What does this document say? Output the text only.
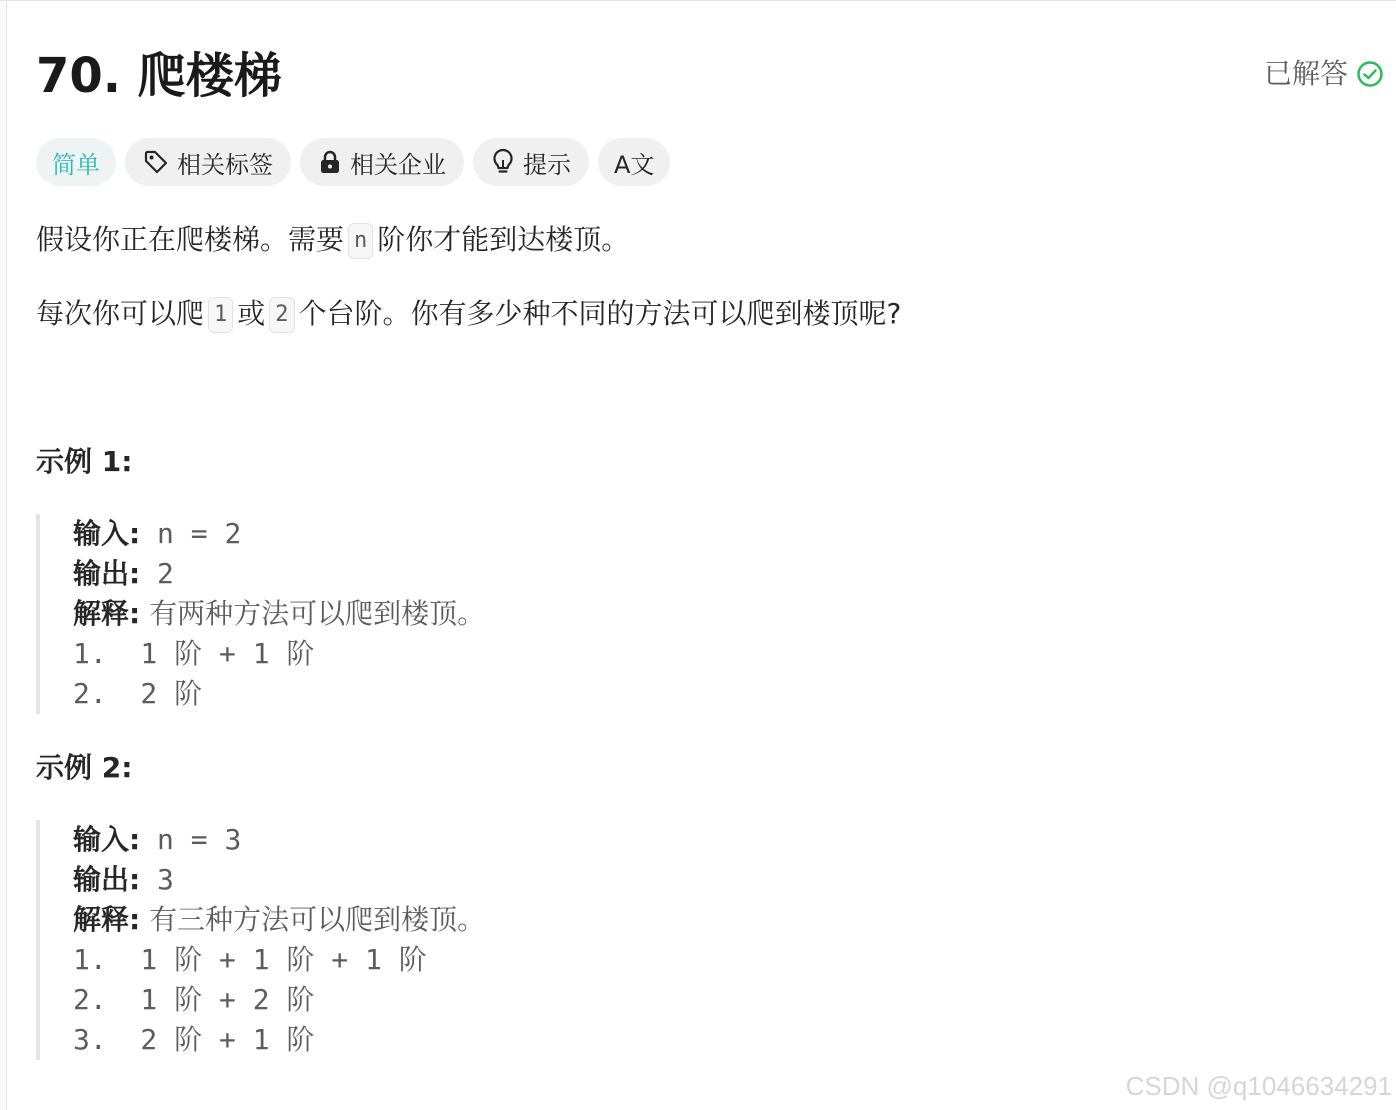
70. 爬楼梯	已解答
简单	相关标签	相关企业	提示 A文
假设你正在爬楼梯。需要 n 阶你才能到达楼顶。
每次你可以爬 1 或 2 个台阶。你有多少种不同的方法可以爬到楼顶呢?
示例 1:
输入: n = 2
输出: 2
解释: 有两种方法可以爬到楼顶。
1.  1 阶 + 1 阶
2.  2 阶
示例 2:
输入: n = 3
输出: 3
解释: 有三种方法可以爬到楼顶。
1.  1 阶 + 1 阶 + 1 阶
2.  1 阶 + 2 阶
3.  2 阶 + 1 阶
CSDN @q1046634291
